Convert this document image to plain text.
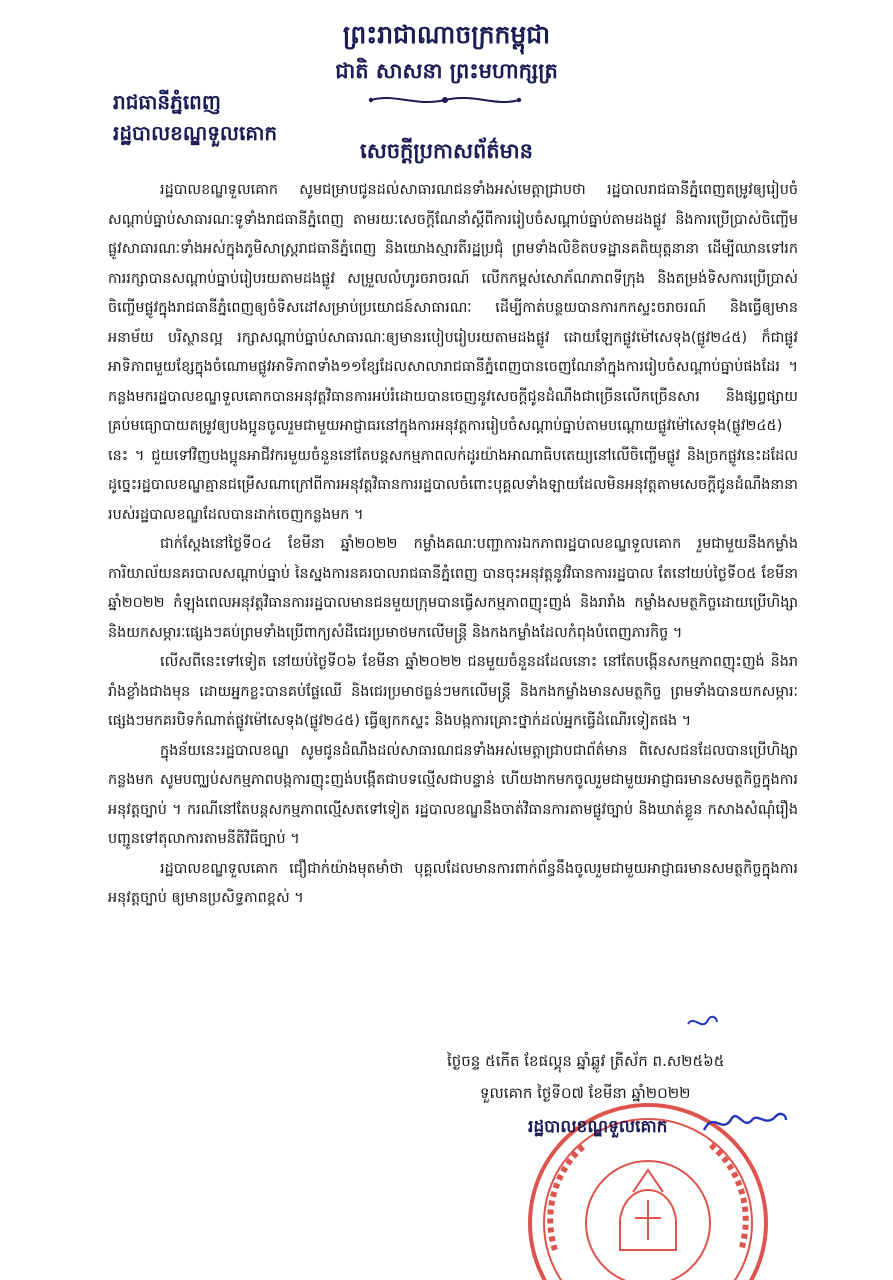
ព្រះរាជាណាចក្រកម្ពុជា
ជាតិ សាសនា ព្រះមហាក្សត្រ
រាជធានីភ្នំពេញ
រដ្ឋបាលខណ្ឌទួលគោក
សេចក្ដីប្រកាសព័ត៌មាន

រដ្ឋបាលខណ្ឌទួលគោក សូមជម្រាបជូនដល់សាធារណជនទាំងអស់មេត្តាជ្រាបថា រដ្ឋបាលរាជធានីភ្នំពេញតម្រូវឲ្យរៀបចំសណ្តាប់ធ្នាប់សាធារណៈទូទាំងរាជធានីភ្នំពេញ តាមរយៈសេចក្ដីណែនាំស្តីពីការរៀបចំសណ្តាប់ធ្នាប់តាមដងផ្លូវ និងការប្រើប្រាស់ចិញ្ចើមផ្លូវសាធារណៈទាំងអស់ក្នុងភូមិសាស្រ្តរាជធានីភ្នំពេញ និងយោងស្មារតីរដ្ឋប្រជុំ ព្រមទាំងលិខិតបទដ្ឋានគតិយុត្តនានា ដើម្បីឈានទៅរកការរក្សាបានសណ្តាប់ធ្នាប់រៀបរយតាមដងផ្លូវ សម្រួលលំហូរចរាចរណ៍ លើកកម្ពស់សោភ័ណភាពទីក្រុង និងតម្រង់ទិសការប្រើប្រាស់ចិញ្ចើមផ្លូវក្នុងរាជធានីភ្នំពេញឲ្យចំទិសដៅសម្រាប់ប្រយោជន៍សាធារណៈ ដើម្បីកាត់បន្ថយបានការកកស្ទះចរាចរណ៍ និងធ្វើឲ្យមានអនាម័យ បរិស្ថានល្អ រក្សាសណ្តាប់ធ្នាប់សាធារណៈឲ្យមានរបៀបរៀបរយតាមដងផ្លូវ ដោយឡែកផ្លូវម៉ៅសេទុង(ផ្លូវ២៤៥) ក៏ជាផ្លូវអាទិភាពមួយខ្សែក្នុងចំណោមផ្លូវអាទិភាពទាំង១១ខ្សែដែលសាលារាជធានីភ្នំពេញបានចេញណែនាំក្នុងការរៀបចំសណ្តាប់ធ្នាប់ផងដែរ ។ កន្លងមករដ្ឋបាលខណ្ឌទួលគោកបានអនុវត្តវិធានការអប់រំដោយបានចេញនូវសេចក្ដីជូនដំណឹងជាច្រើនលើកច្រើនសារ និងផ្សព្វផ្សាយគ្រប់មធ្យោបាយតម្រូវឲ្យបងប្អូនចូលរួមជាមួយអាជ្ញាធរនៅក្នុងការអនុវត្តការរៀបចំសណ្តាប់ធ្នាប់តាមបណ្តោយផ្លូវម៉ៅសេទុង(ផ្លូវ២៤៥) នេះ ។ ជួយទៅវិញបងប្អូនអាជីវករមួយចំនួននៅតែបន្តសកម្មភាពលក់ដូរយ៉ាងអាណាធិបតេយ្យនៅលើចិញ្ចើមផ្លូវ និងច្រកផ្លូវនេះដដែលដូច្នេះរដ្ឋបាលខណ្ឌគ្មានជម្រើសណាក្រៅពីការអនុវត្តវិធានការរដ្ឋបាលចំពោះបុគ្គលទាំងឡាយដែលមិនអនុវត្តតាមសេចក្ដីជូនដំណឹងនានារបស់រដ្ឋបាលខណ្ឌដែលបានដាក់ចេញកន្លងមក ។

ជាក់ស្តែងនៅថ្ងៃទី០៤ ខែមីនា ឆ្នាំ២០២២ កម្លាំងគណៈបញ្ជាការឯកភាពរដ្ឋបាលខណ្ឌទួលគោក រួមជាមួយនឹងកម្លាំងការិយាល័យនគរបាលសណ្តាប់ធ្នាប់ នៃស្នងការនគរបាលរាជធានីភ្នំពេញ បានចុះអនុវត្តនូវវិធានការរដ្ឋបាល តែនៅយប់ថ្ងៃទី០៥ ខែមីនា ឆ្នាំ២០២២ កំឡុងពេលអនុវត្តវិធានការរដ្ឋបាលមានជនមួយក្រុមបានធ្វើសកម្មភាពញុះញង់ និងរារាំង កម្លាំងសមត្ថកិច្ចដោយប្រើហិង្សា និងយកសម្ភារៈផ្សេងៗគប់ព្រមទាំងប្រើពាក្យសំដីជេរប្រមាថមកលើមន្ត្រី និងកងកម្លាំងដែលកំពុងបំពេញភារកិច្ច ។

លើសពីនេះទៅទៀត នៅយប់ថ្ងៃទី០៦ ខែមីនា ឆ្នាំ២០២២ ជនមួយចំនួនដដែលនោះ នៅតែបង្កើនសកម្មភាពញុះញង់ និងរារាំងខ្លាំងជាងមុន ដោយអ្នកខ្លះបានគប់ផ្លែឈើ និងជេរប្រមាថធ្ងន់ៗមកលើមន្ត្រី និងកងកម្លាំងមានសមត្ថកិច្ច ព្រមទាំងបានយកសម្ភារៈផ្សេងៗមកគរបិទកំណាត់ផ្លូវម៉ៅសេទុង(ផ្លូវ២៤៥) ធ្វើឲ្យកកស្ទះ និងបង្កការគ្រោះថ្នាក់ដល់អ្នកធ្វើដំណើរទៀតផង ។

ក្នុងន័យនេះរដ្ឋបាលខណ្ឌ សូមជូនដំណឹងដល់សាធារណជនទាំងអស់មេត្តាជ្រាបជាព័ត៌មាន ពិសេសជនដែលបានប្រើហិង្សាកន្លងមក សូមបញ្ឈប់សកម្មភាពបង្កការញុះញង់បង្កើតជាបទល្មើសជាបន្ទាន់ ហើយងាកមកចូលរួមជាមួយអាជ្ញាធរមានសមត្ថកិច្ចក្នុងការអនុវត្តច្បាប់ ។ ករណីនៅតែបន្តសកម្មភាពល្មើសតទៅទៀត រដ្ឋបាលខណ្ឌនឹងចាត់វិធានការតាមផ្លូវច្បាប់ និងឃាត់ខ្លួន កសាងសំណុំរឿងបញ្ជូនទៅតុលាការតាមនីតិវិធីច្បាប់ ។

រដ្ឋបាលខណ្ឌទួលគោក ជឿជាក់យ៉ាងមុតមាំថា បុគ្គលដែលមានការពាក់ព័ន្ធនឹងចូលរួមជាមួយអាជ្ញាធរមានសមត្ថកិច្ចក្នុងការអនុវត្តច្បាប់ ឲ្យមានប្រសិទ្ធភាពខ្ពស់ ។

ថ្ងៃចន្ទ ៥កើត ខែផល្គុន ឆ្នាំឆ្លូវ ត្រីស័ក ព.ស២៥៦៥
ទួលគោក ថ្ងៃទី០៧ ខែមីនា ឆ្នាំ២០២២
រដ្ឋបាលខណ្ឌទួលគោក
